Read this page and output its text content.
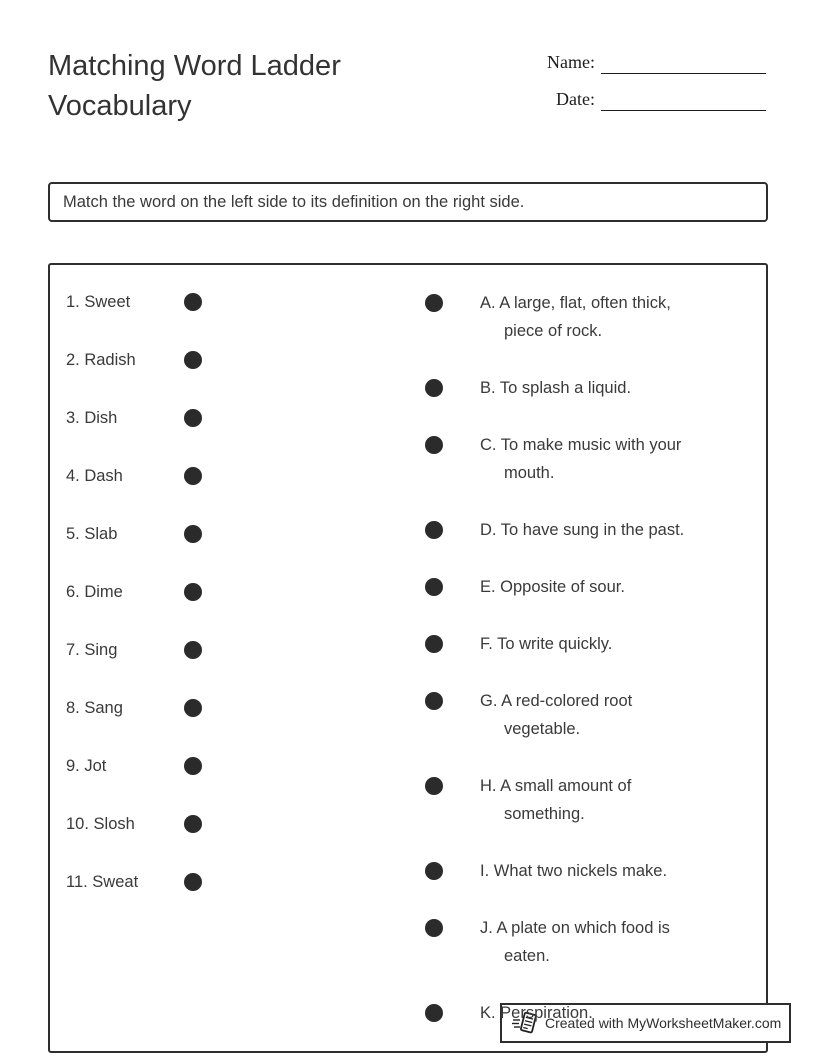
Matching Word Ladder Vocabulary
Name:
Date:
Match the word on the left side to its definition on the right side.
1. Sweet
2. Radish
3. Dish
4. Dash
5. Slab
6. Dime
7. Sing
8. Sang
9. Jot
10. Slosh
11. Sweat
A. A large, flat, often thick,
piece of rock.
B. To splash a liquid.
C. To make music with your
mouth.
D. To have sung in the past.
E. Opposite of sour.
F. To write quickly.
G. A red-colored root
vegetable.
H. A small amount of
something.
I. What two nickels make.
J. A plate on which food is
eaten.
K. Perspiration.
Created with MyWorksheetMaker.com
